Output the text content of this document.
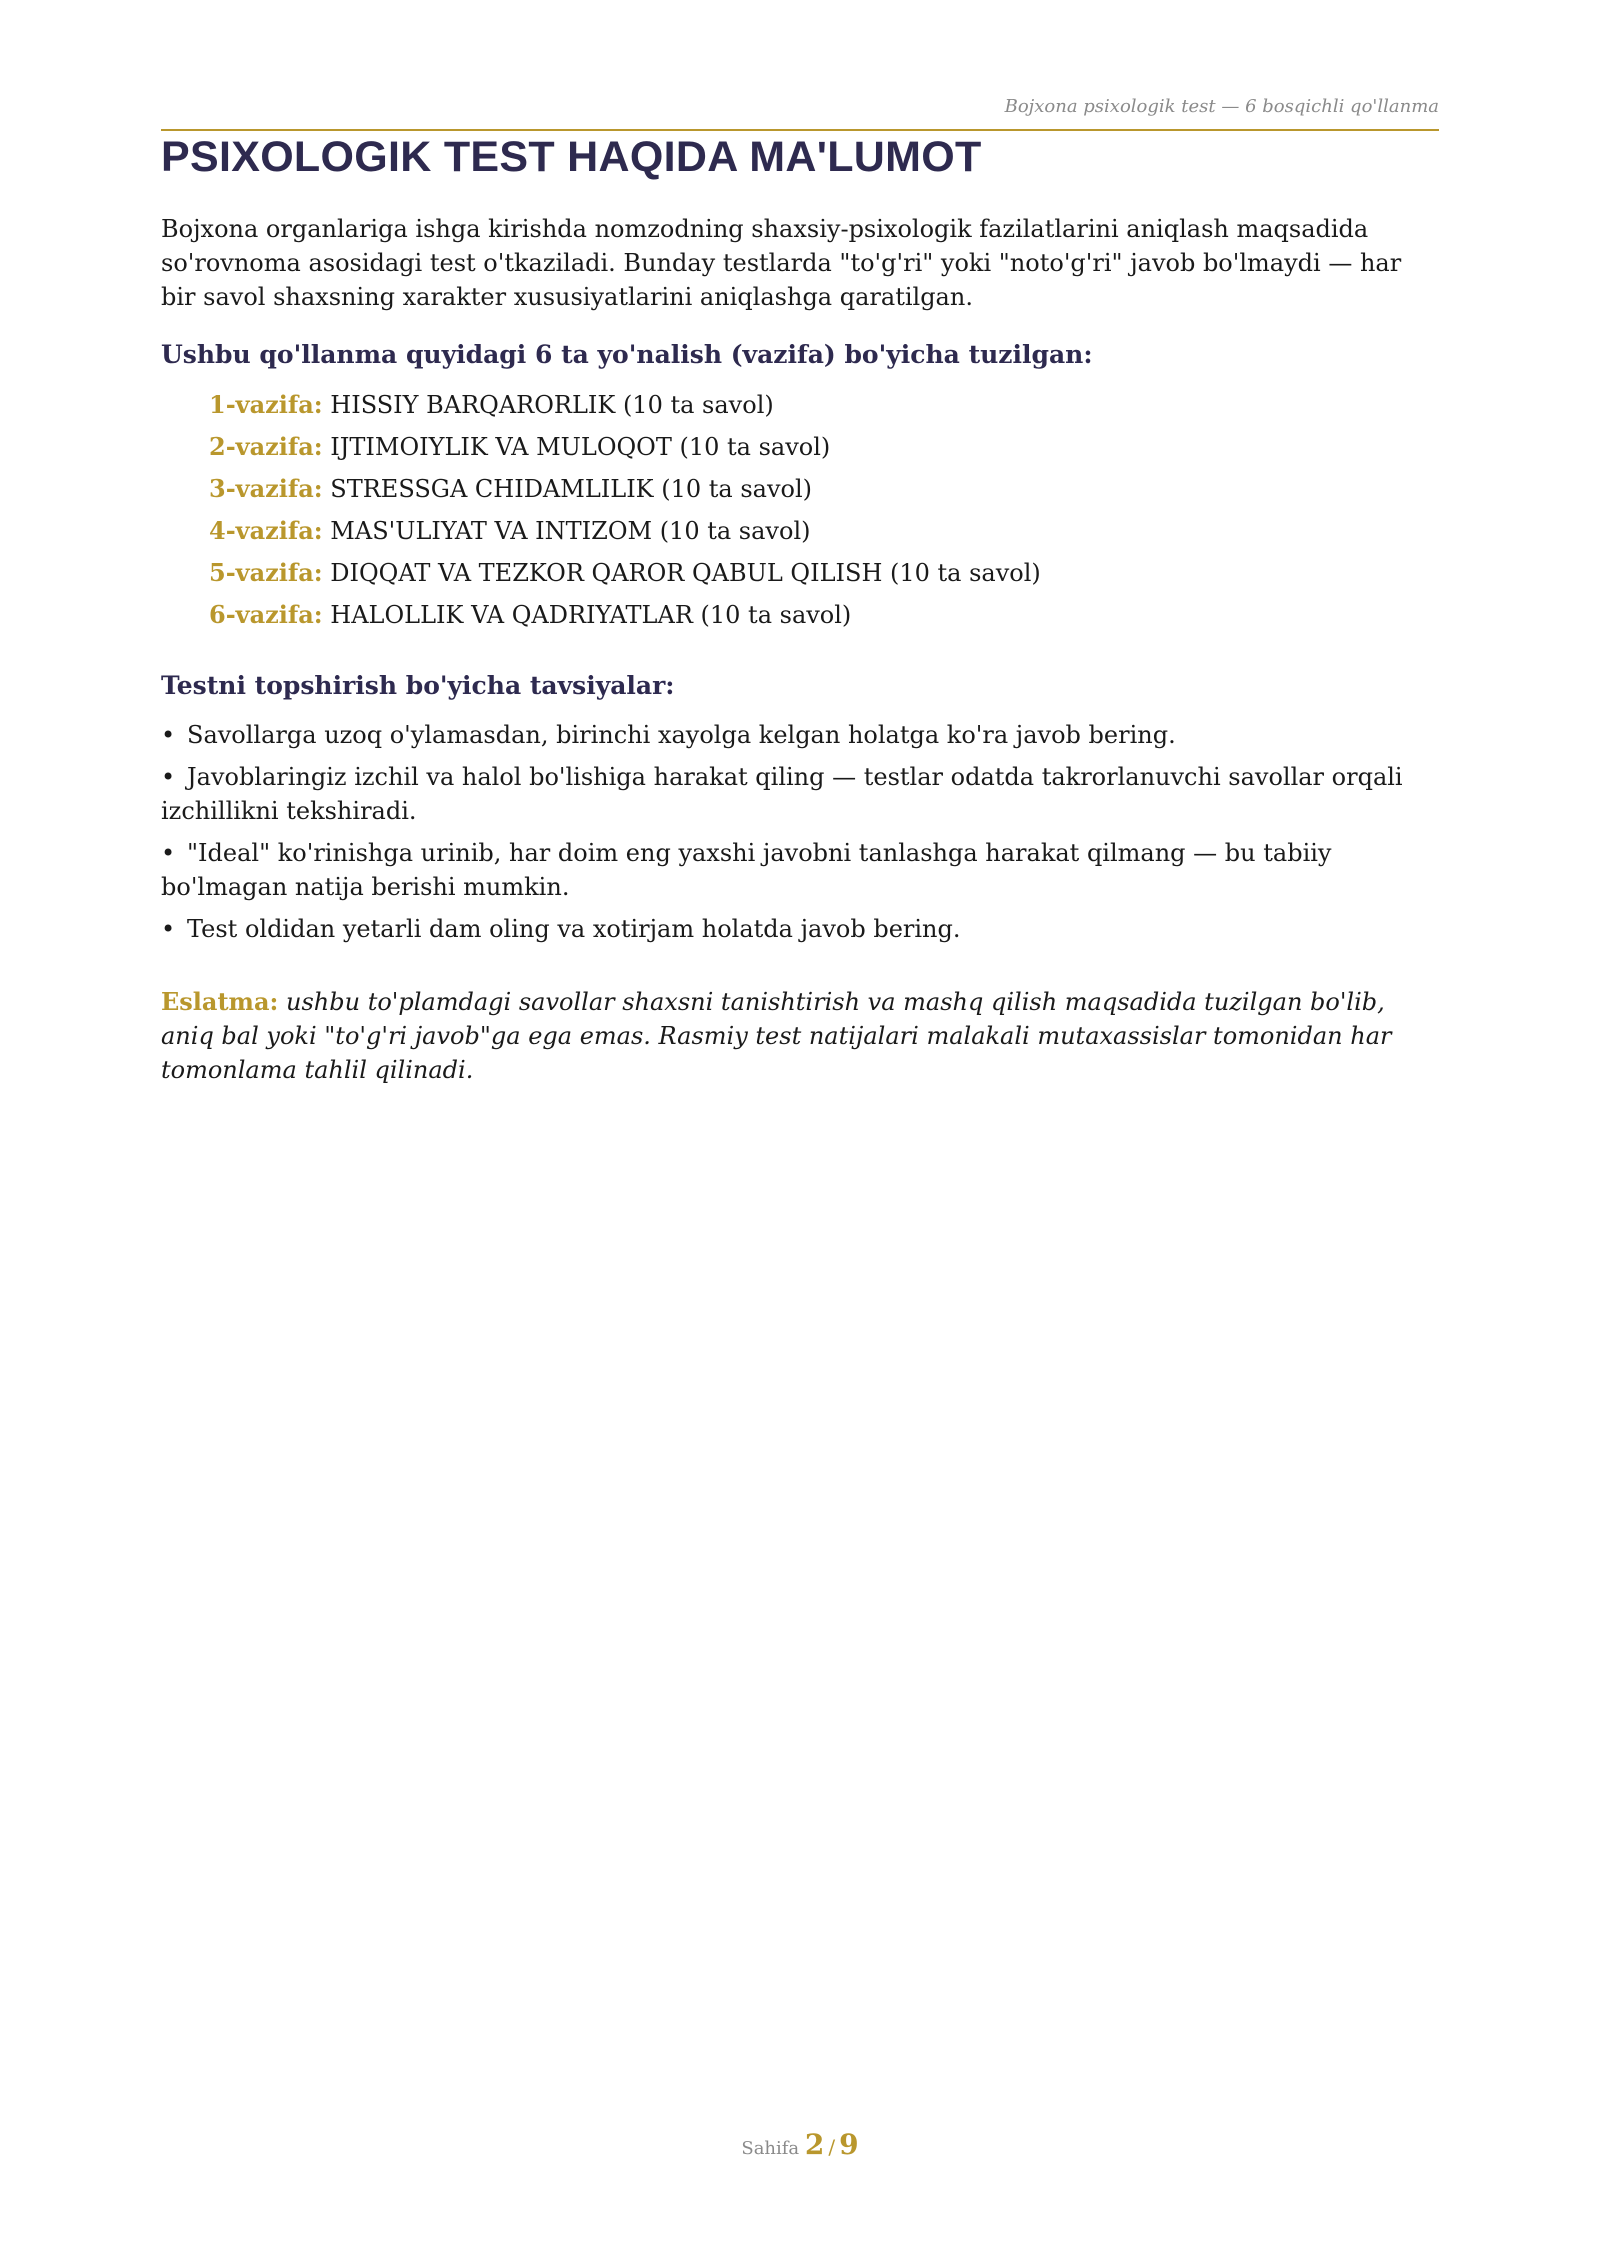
Bojxona psixologik test — 6 bosqichli qo'llanma
PSIXOLOGIK TEST HAQIDA MA'LUMOT

Bojxona organlariga ishga kirishda nomzodning shaxsiy-psixologik fazilatlarini aniqlash maqsadida so'rovnoma asosidagi test o'tkaziladi. Bunday testlarda "to'g'ri" yoki "noto'g'ri" javob bo'lmaydi — har bir savol shaxsning xarakter xususiyatlarini aniqlashga qaratilgan.

Ushbu qo'llanma quyidagi 6 ta yo'nalish (vazifa) bo'yicha tuzilgan:
1-vazifa: HISSIY BARQARORLIK (10 ta savol)
2-vazifa: IJTIMOIYLIK VA MULOQOT (10 ta savol)
3-vazifa: STRESSGA CHIDAMLILIK (10 ta savol)
4-vazifa: MAS'ULIYAT VA INTIZOM (10 ta savol)
5-vazifa: DIQQAT VA TEZKOR QAROR QABUL QILISH (10 ta savol)
6-vazifa: HALOLLIK VA QADRIYATLAR (10 ta savol)
Testni topshirish bo'yicha tavsiyalar:
• Savollarga uzoq o'ylamasdan, birinchi xayolga kelgan holatga ko'ra javob bering.
• Javoblaringiz izchil va halol bo'lishiga harakat qiling — testlar odatda takrorlanuvchi savollar orqali izchillikni tekshiradi.
• "Ideal" ko'rinishga urinib, har doim eng yaxshi javobni tanlashga harakat qilmang — bu tabiiy bo'lmagan natija berishi mumkin.
• Test oldidan yetarli dam oling va xotirjam holatda javob bering.

Eslatma: ushbu to'plamdagi savollar shaxsni tanishtirish va mashq qilish maqsadida tuzilgan bo'lib, aniq bal yoki "to'g'ri javob"ga ega emas. Rasmiy test natijalari malakali mutaxassislar tomonidan har tomonlama tahlil qilinadi.

Sahifa 2 / 9
